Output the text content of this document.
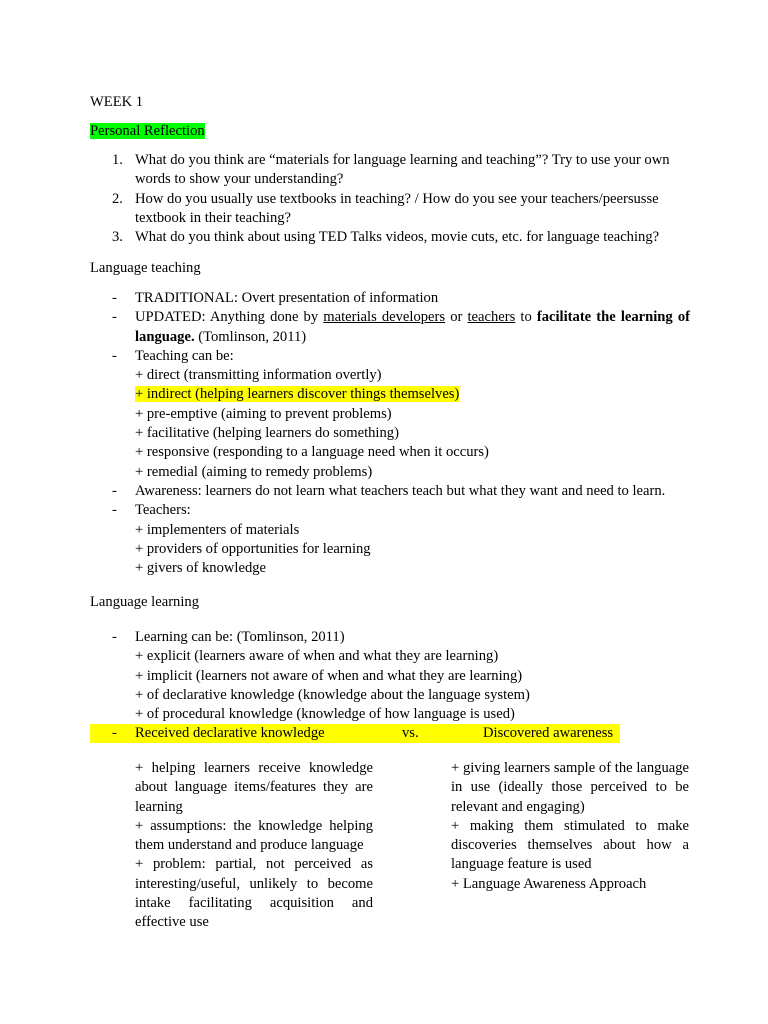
WEEK 1
Personal Reflection
1. What do you think are “materials for language learning and teaching”? Try to use your own words to show your understanding?
2. How do you usually use textbooks in teaching? / How do you see your teachers/peersusse textbook in their teaching?
3. What do you think about using TED Talks videos, movie cuts, etc. for language teaching?
Language teaching
- TRADITIONAL: Overt presentation of information
- UPDATED: Anything done by materials developers or teachers to facilitate the learning of language. (Tomlinson, 2011)
- Teaching can be:
+ direct (transmitting information overtly)
+ indirect (helping learners discover things themselves)
+ pre-emptive (aiming to prevent problems)
+ facilitative (helping learners do something)
+ responsive (responding to a language need when it occurs)
+ remedial (aiming to remedy problems)
- Awareness: learners do not learn what teachers teach but what they want and need to learn.
- Teachers:
+ implementers of materials
+ providers of opportunities for learning
+ givers of knowledge
Language learning
- Learning can be: (Tomlinson, 2011)
+ explicit (learners aware of when and what they are learning)
+ implicit (learners not aware of when and what they are learning)
+ of declarative knowledge (knowledge about the language system)
+ of procedural knowledge (knowledge of how language is used)
- Received declarative knowledge	vs.	Discovered awareness
+ helping learners receive knowledge about language items/features they are learning
+ assumptions: the knowledge helping them understand and produce language
+ problem: partial, not perceived as interesting/useful, unlikely to become intake facilitating acquisition and effective use
+ giving learners sample of the language in use (ideally those perceived to be relevant and engaging)
+ making them stimulated to make discoveries themselves about how a language feature is used
+ Language Awareness Approach
